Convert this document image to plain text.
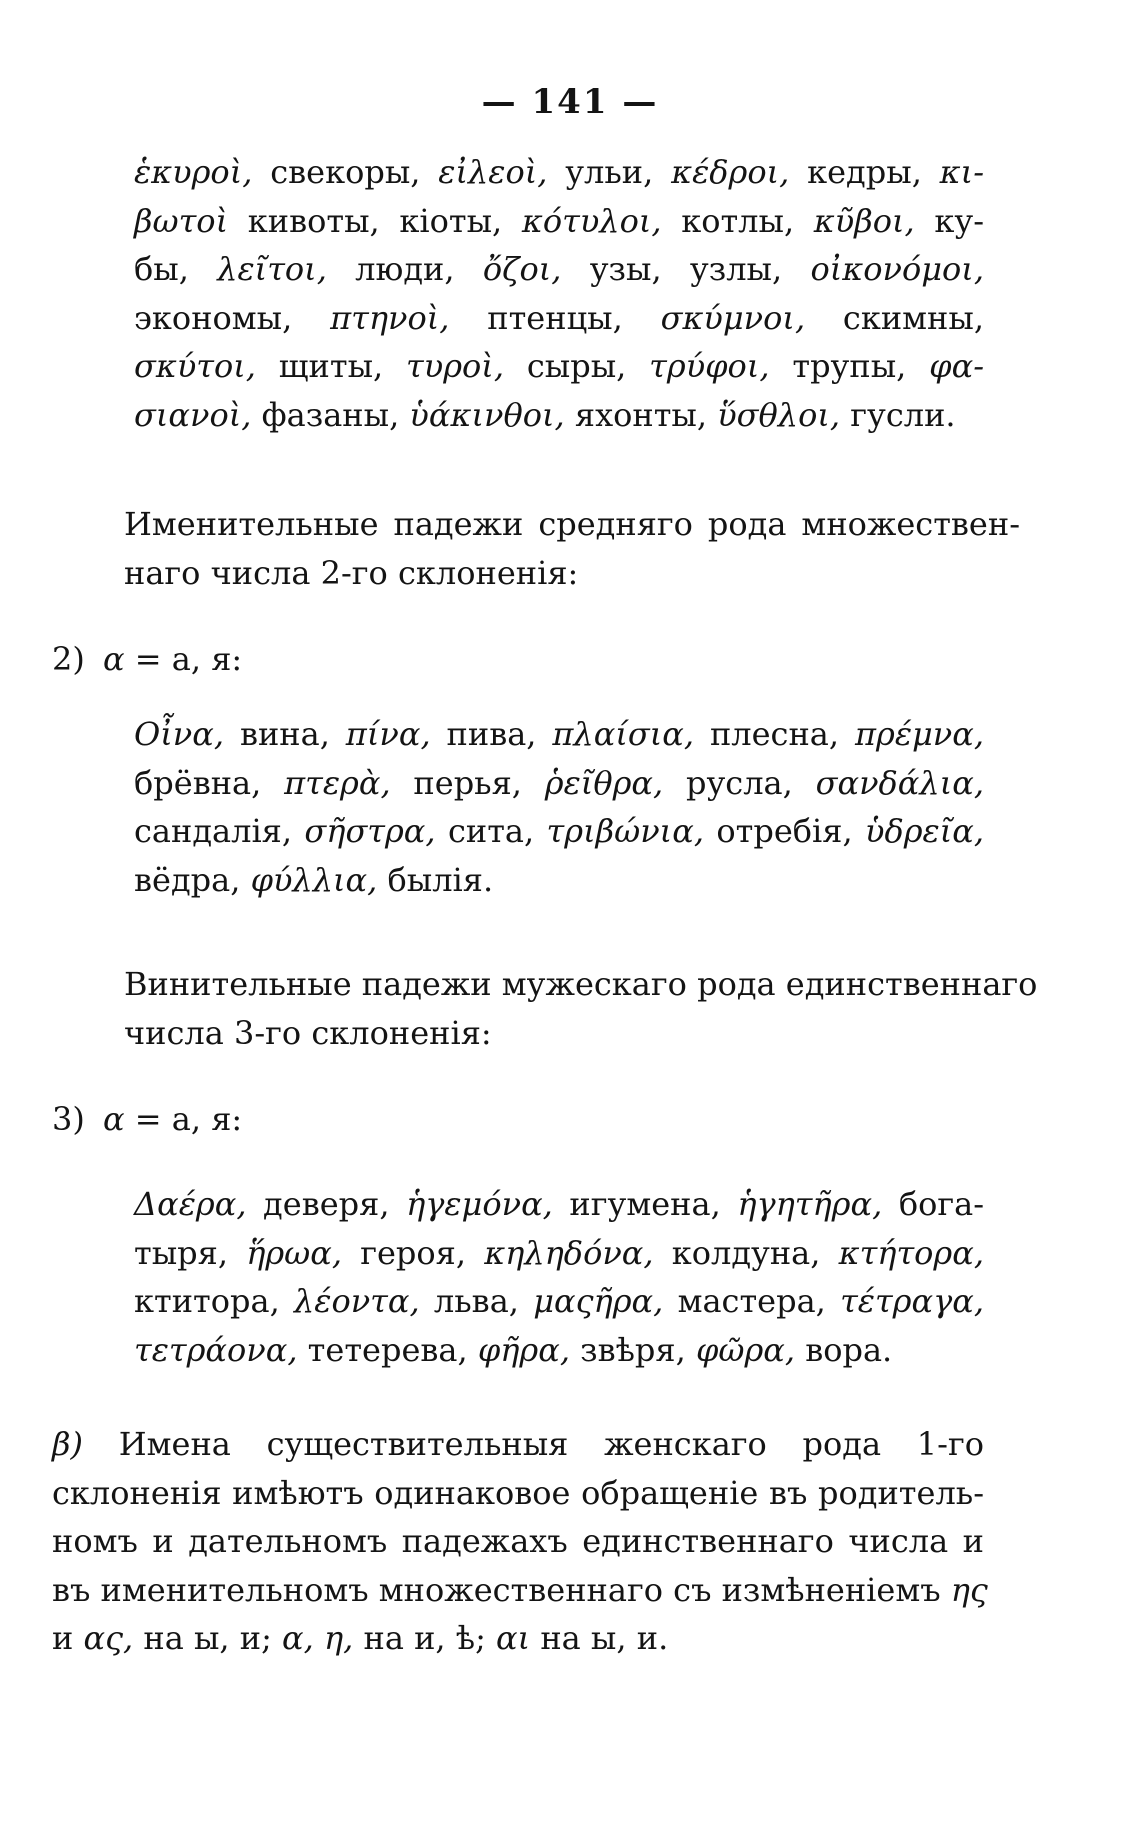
— 141 —
ἑκυροὶ, свекоры, εἰλεοὶ, ульи, κέδροι, кедры, κι-
βωτοὶ кивоты, кіоты, κότυλοι, котлы, κῦβοι, ку-
бы, λεῖτοι, люди, ὄζοι, узы, узлы, οἰκονόμοι,
экономы, πτηνοὶ, птенцы, σκύμνοι, скимны,
σκύτοι, щиты, τυροὶ, сыры, τρύφοι, трупы, φα-
σιανοὶ, фазаны, ὑάκινθοι, яхонты, ὕσθλοι, гусли.
Именительные падежи средняго рода множествен-
наго числа 2-го склоненія:
2) α = а, я:
Οἶνα, вина, πίνα, пива, πλαίσια, плесна, πρέμνα,
брёвна, πτερὰ, перья, ῥεῖθρα, русла, σανδάλια,
сандалія, σῆστρα, сита, τριβώνια, отребія, ὑδρεῖα,
вёдра, φύλλια, былія.
Винительные падежи мужескаго рода единственнаго
числа 3-го склоненія:
3) α = а, я:
Δαέρα, деверя, ἡγεμόνα, игумена, ἡγητῆρα, бога-
тыря, ἥρωα, героя, κηληδόνα, колдуна, κτήτορα,
ктитора, λέοντα, льва, μαςῆρα, мастера, τέτραγα,
τετράονα, тетерева, φῆρα, звѣря, φῶρα, вора.
β) Имена существительныя женскаго рода 1-го
склоненія имѣютъ одинаковое обращеніе въ родитель-
номъ и дательномъ падежахъ единственнаго числа и
въ именительномъ множественнаго съ измѣненіемъ ης
и ας, на ы, и; α, η, на и, ѣ; αι на ы, и.
